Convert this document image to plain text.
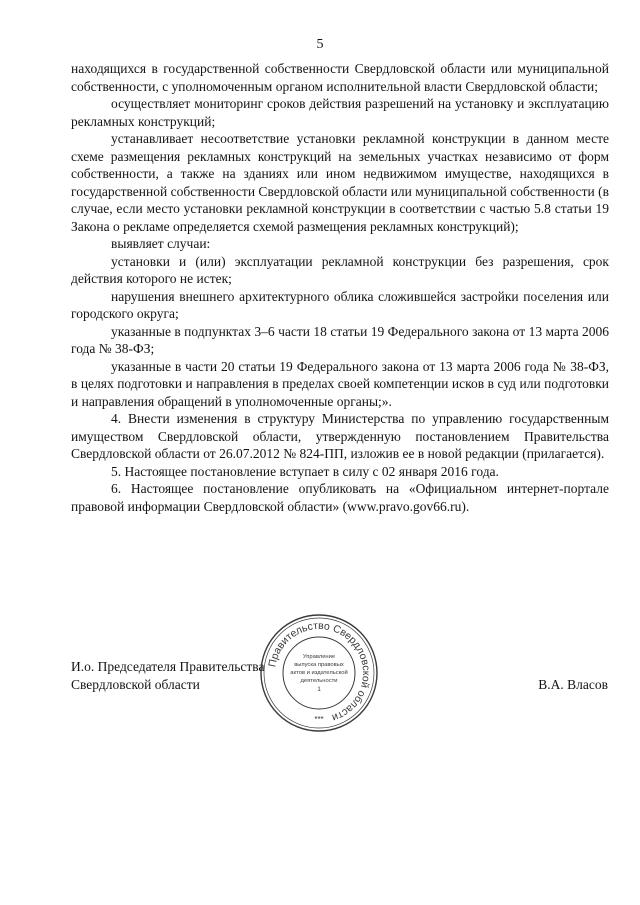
5

находящихся в государственной собственности Свердловской области или муниципальной собственности, с уполномоченным органом исполнительной власти Свердловской области;

осуществляет мониторинг сроков действия разрешений на установку и эксплуатацию рекламных конструкций;

устанавливает несоответствие установки рекламной конструкции в данном месте схеме размещения рекламных конструкций на земельных участках независимо от форм собственности, а также на зданиях или ином недвижимом имуществе, находящихся в государственной собственности Свердловской области или муниципальной собственности (в случае, если место установки рекламной конструкции в соответствии с частью 5.8 статьи 19 Закона о рекламе определяется схемой размещения рекламных конструкций);

выявляет случаи:

установки и (или) эксплуатации рекламной конструкции без разрешения, срок действия которого не истек;

нарушения внешнего архитектурного облика сложившейся застройки поселения или городского округа;

указанные в подпунктах 3–6 части 18 статьи 19 Федерального закона от 13 марта 2006 года № 38-ФЗ;

указанные в части 20 статьи 19 Федерального закона от 13 марта 2006 года № 38-ФЗ, в целях подготовки и направления в пределах своей компетенции исков в суд или подготовки и направления обращений в уполномоченные органы;».

4. Внести изменения в структуру Министерства по управлению государственным имуществом Свердловской области, утвержденную постановлением Правительства Свердловской области от 26.07.2012 № 824-ПП, изложив ее в новой редакции (прилагается).

5. Настоящее постановление вступает в силу с 02 января 2016 года.

6. Настоящее постановление опубликовать на «Официальном интернет-портале правовой информации Свердловской области» (www.pravo.gov66.ru).

И.о. Председателя Правительства
Свердловской области	В.А. Власов
Правительство Свердловской области
Управление
выпуска правовых
актов и издательской
деятельности
1
***
